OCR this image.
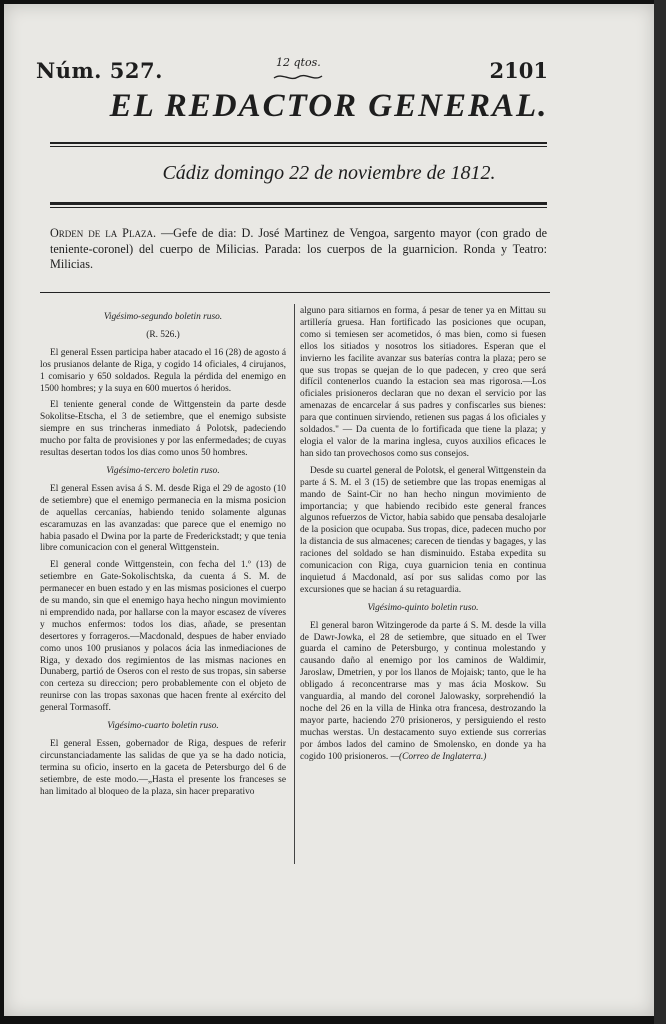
Núm. 527.	12 qtos.	2101
EL REDACTOR GENERAL.
Cádiz domingo 22 de noviembre de 1812.
Orden de la Plaza. —Gefe de dia: D. José Martinez de Vengoa, sargento mayor (con grado de teniente-coronel) del cuerpo de Milicias. Parada: los cuerpos de la guarnicion. Ronda y Teatro: Milicias.

Vigésimo-segundo boletin ruso.

(R. 526.)

El general Essen participa haber atacado el 16 (28) de agosto á los prusianos delante de Riga, y cogido 14 oficiales, 4 cirujanos, 1 comisario y 650 soldados. Regula la pérdida del enemigo en 1500 hombres; y la suya en 600 muertos ó heridos.

El teniente general conde de Wittgenstein da parte desde Sokolitse-Etscha, el 3 de setiembre, que el enemigo subsiste siempre en sus trincheras inmediato á Polotsk, padeciendo mucho por falta de provisiones y por las enfermedades; de cuyas resultas desertan todos los dias como unos 50 hombres.

Vigésimo-tercero boletin ruso.

El general Essen avisa á S. M. desde Riga el 29 de agosto (10 de setiembre) que el enemigo permanecia en la misma posicion de aquellas cercanías, habiendo tenido solamente algunas escaramuzas en las avanzadas: que parece que el enemigo no habia pasado el Dwina por la parte de Frederickstadt; y que tenia libre comunicacion con el general Wittgenstein.

El general conde Wittgenstein, con fecha del 1.º (13) de setiembre en Gate-Sokolischtska, da cuenta á S. M. de permanecer en buen estado y en las mismas posiciones el cuerpo de su mando, sin que el enemigo haya hecho ningun movimiento ni emprendido nada, por hallarse con la mayor escasez de víveres y muchos enfermos: todos los dias, añade, se presentan desertores y forrageros.—Macdonald, despues de haber enviado como unos 100 prusianos y polacos ácia las inmediaciones de Riga, y dexado dos regimientos de las mismas naciones en Dunaberg, partió de Oseros con el resto de sus tropas, sin saberse con certeza su direccion; pero probablemente con el objeto de reunirse con las tropas saxonas que hacen frente al exército del general Tormasoff.

Vigésimo-cuarto boletin ruso.

El general Essen, gobernador de Riga, despues de referir circunstanciadamente las salidas de que ya se ha dado noticia, termina su oficio, inserto en la gaceta de Petersburgo del 6 de setiembre, de este modo.—„Hasta el presente los franceses se han limitado al bloqueo de la plaza, sin hacer preparativo

alguno para sitiarnos en forma, á pesar de tener ya en Mittau su artillería gruesa. Han fortificado las posiciones que ocupan, como si temiesen ser acometidos, ó mas bien, como si fuesen ellos los sitiados y nosotros los sitiadores. Esperan que el invierno les facilite avanzar sus baterías contra la plaza; pero se que sus tropas se quejan de lo que padecen, y creo que será difícil contenerlos cuando la estacion sea mas rigorosa.—Los oficiales prisioneros declaran que no dexan el servicio por las amenazas de encarcelar á sus padres y confiscarles sus bienes: para que continuen sirviendo, retienen sus pagas á los oficiales y soldados." — Da cuenta de lo fortificada que tiene la plaza; y elogia el valor de la marina inglesa, cuyos auxilios eficaces le han sido tan provechosos como sus consejos.

Desde su cuartel general de Polotsk, el general Wittgenstein da parte á S. M. el 3 (15) de setiembre que las tropas enemigas al mando de Saint-Cir no han hecho ningun movimiento de importancia; y que habiendo recibido este general frances algunos refuerzos de Victor, habia sabido que pensaba desalojarle de la posicion que ocupaba. Sus tropas, dice, padecen mucho por la distancia de sus almacenes; carecen de tiendas y bagages, y las raciones del soldado se han disminuido. Estaba expedita su comunicacion con Riga, cuya guarnicion tenia en continua inquietud á Macdonald, así por sus salidas como por las excursiones que se hacian á su retaguardia.

Vigésimo-quinto boletin ruso.

El general baron Witzingerode da parte á S. M. desde la villa de Dawr-Jowka, el 28 de setiembre, que situado en el Twer guarda el camino de Petersburgo, y continua molestando y causando daño al enemigo por los caminos de Waldimir, Jaroslaw, Dmetrien, y por los llanos de Mojaisk; tanto, que le ha obligado á reconcentrarse mas y mas ácia Moskow. Su vanguardia, al mando del coronel Jalowasky, sorprehendió la noche del 26 en la villa de Hinka otra francesa, destrozando la mayor parte, haciendo 270 prisioneros, y persiguiendo el resto muchas werstas. Un destacamento suyo extiende sus correrias por ámbos lados del camino de Smolensko, en donde ya ha cogido 100 prisioneros. —(Correo de Inglaterra.)
